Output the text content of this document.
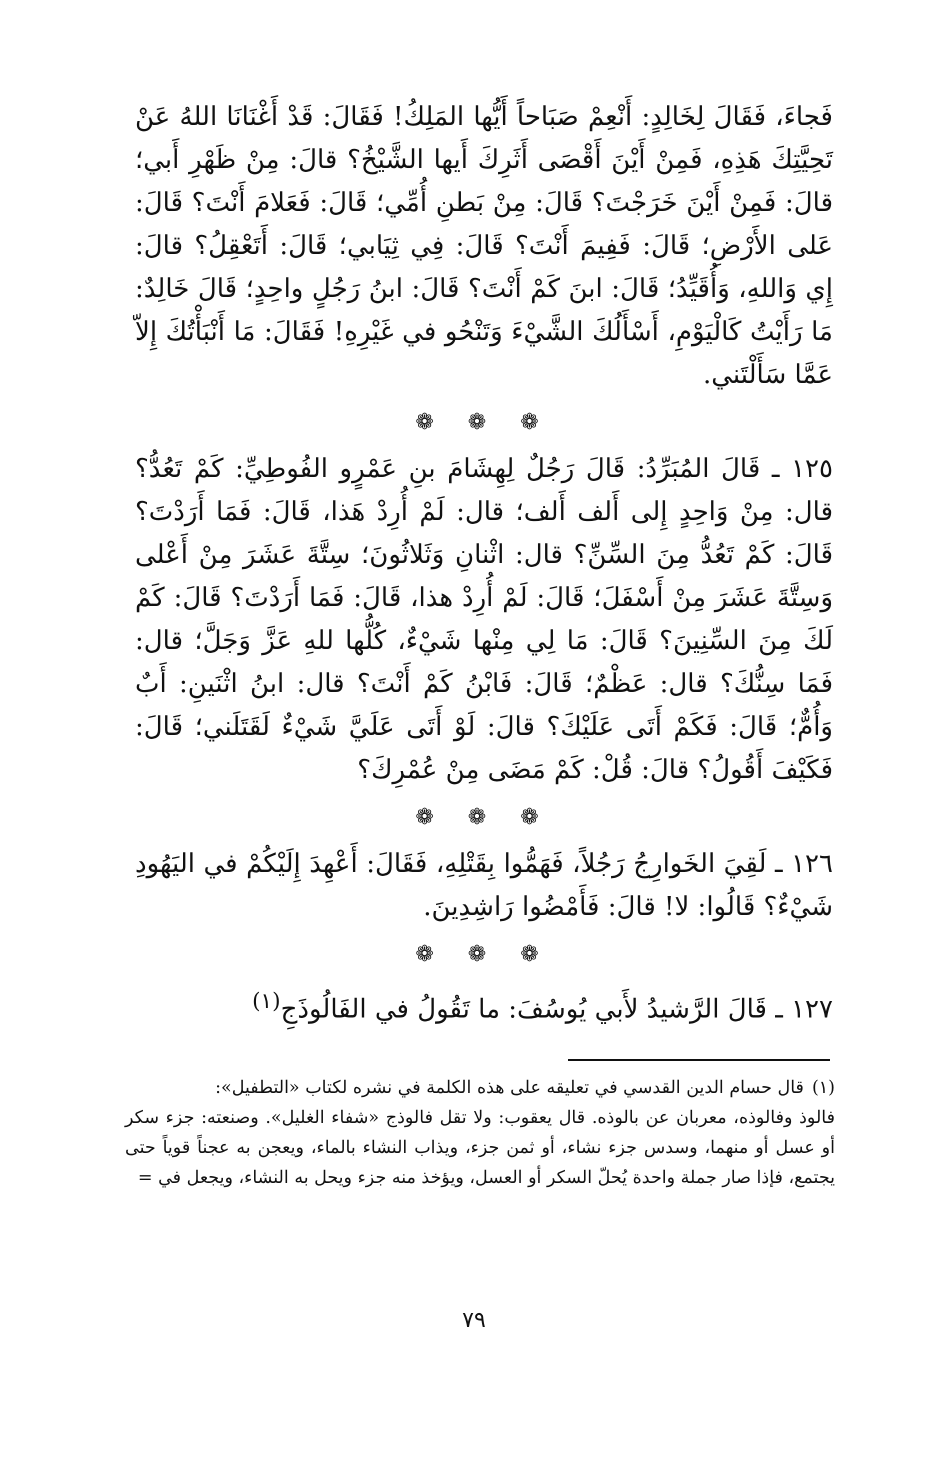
فَجاءَ، فَقَالَ لِخَالِدٍ: أَنْعِمْ صَبَاحاً أَيُّها المَلِكُ! فَقَالَ: قَدْ أَغْنَانَا اللهُ عَنْ تَحِيَّتِكَ هَذِهِ، فَمِنْ أَيْنَ أَقْصَى أَثَرِكَ أَيها الشَّيْخُ؟ قالَ: مِنْ ظَهْرِ أَبي؛ قالَ: فَمِنْ أَيْنَ خَرَجْتَ؟ قَالَ: مِنْ بَطنِ أُمِّي؛ قَالَ: فَعَلامَ أَنْتَ؟ قَالَ: عَلى الأَرْضِ؛ قَالَ: فَفِيمَ أَنْتَ؟ قَالَ: فِي ثِيَابي؛ قَالَ: أَتَعْقِلُ؟ قالَ: إِي وَاللهِ، وَأُقَيِّدُ؛ قَالَ: ابنَ كَمْ أَنْتَ؟ قَالَ: ابنُ رَجُلٍ واحِدٍ؛ قَالَ خَالِدٌ: مَا رَأَيْتُ كَالْيَوْمِ، أَسْأَلُكَ الشَّيْءَ وَتَنْحُو في غَيْرِهِ! فَقَالَ: مَا أَنْبَأْتُكَ إِلاّ عَمَّا سَأَلْتَني.

❁ ❁ ❁

١٢٥ ـ قَالَ المُبَرِّدُ: قَالَ رَجُلٌ لِهِشَامَ بنِ عَمْرٍو الفُوطِيِّ: كَمْ تَعُدُّ؟ قال: مِنْ وَاحِدٍ إِلى أَلف أَلف؛ قال: لَمْ أُرِدْ هَذا، قَالَ: فَمَا أَرَدْتَ؟ قَالَ: كَمْ تَعُدُّ مِنَ السِّنِّ؟ قال: اثْنانِ وَثَلاثُونَ؛ سِتَّةَ عَشَرَ مِنْ أَعْلى وَسِتَّةَ عَشَرَ مِنْ أَسْفَلَ؛ قَالَ: لَمْ أُرِدْ هذا، قَالَ: فَمَا أَرَدْتَ؟ قَالَ: كَمْ لَكَ مِنَ السِّنِينَ؟ قَالَ: مَا لِي مِنْها شَيْءٌ، كُلُّها للهِ عَزَّ وَجَلَّ؛ قال: فَمَا سِنُّكَ؟ قال: عَظْمٌ؛ قَالَ: فَابْنُ كَمْ أَنْتَ؟ قال: ابنُ اثْنَينِ: أَبٌ وَأُمٌّ؛ قَالَ: فَكَمْ أَتَى عَلَيْكَ؟ قالَ: لَوْ أَتَى عَلَيَّ شَيْءٌ لَقَتَلَني؛ قَالَ: فَكَيْفَ أَقُولُ؟ قالَ: قُلْ: كَمْ مَضَى مِنْ عُمْرِكَ؟

❁ ❁ ❁

١٢٦ ـ لَقِيَ الخَوارِجُ رَجُلاً، فَهَمُّوا بِقَتْلِهِ، فَقَالَ: أَعْهِدَ إِلَيْكُمْ في اليَهُودِ شَيْءٌ؟ قَالُوا: لا! قالَ: فَأَمْضُوا رَاشِدِينَ.

❁ ❁ ❁

١٢٧ ـ قَالَ الرَّشيدُ لأَبي يُوسُفَ: ما تَقُولُ في الفَالُوذَجِ$^{(١)}$

(١)قال حسام الدين القدسي في تعليقه على هذه الكلمة في نشره لكتاب «التطفيل»:

فالوذ وفالوذه، معربان عن بالوذه. قال يعقوب: ولا تقل فالوذج «شفاء الغليل». وصنعته: جزء سكر أو عسل أو منهما، وسدس جزء نشاء، أو ثمن جزء، ويذاب النشاء بالماء، ويعجن به عجناً قوياً حتى يجتمع، فإذا صار جملة واحدة يُحلّ السكر أو العسل، ويؤخذ منه جزء ويحل به النشاء، ويجعل في =

٧٩
